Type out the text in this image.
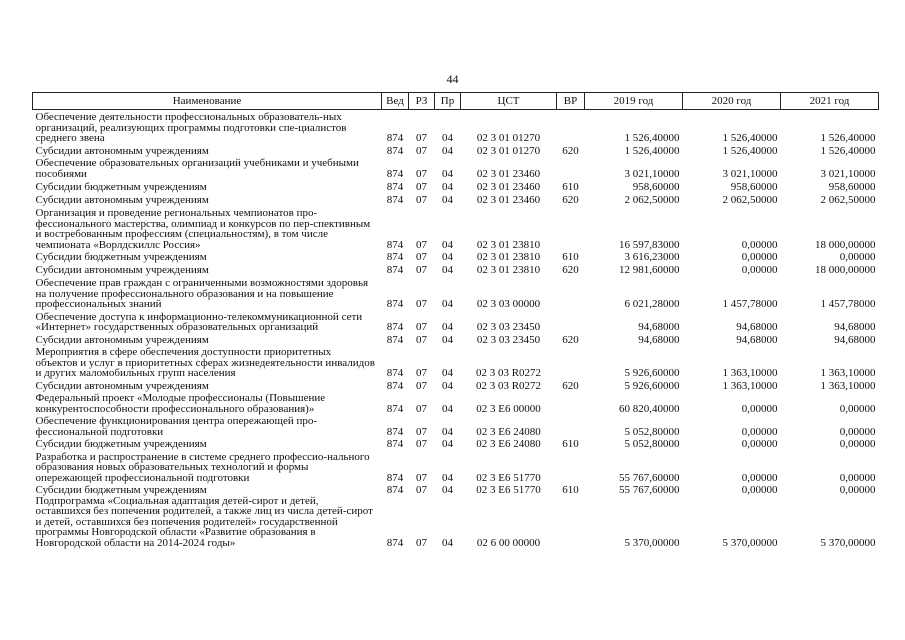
44
Наименование	Вед	РЗ	Пр	ЦСТ	ВР	2019 год	2020 год	2021 год
Обеспечение деятельности профессиональных образователь-ных организаций, реализующих программы подготовки спе-циалистов среднего звена	874	07	04	02 3 01 01270		1 526,40000	1 526,40000	1 526,40000
Субсидии автономным учреждениям	874	07	04	02 3 01 01270	620	1 526,40000	1 526,40000	1 526,40000
Обеспечение образовательных организаций учебниками и учебными пособиями	874	07	04	02 3 01 23460		3 021,10000	3 021,10000	3 021,10000
Субсидии бюджетным учреждениям	874	07	04	02 3 01 23460	610	958,60000	958,60000	958,60000
Субсидии автономным учреждениям	874	07	04	02 3 01 23460	620	2 062,50000	2 062,50000	2 062,50000
Организация и проведение региональных чемпионатов про-фессионального мастерства, олимпиад и конкурсов по пер-спективным и востребованным профессиям (специальностям), в том числе чемпионата «Ворлдскиллс Россия»	874	07	04	02 3 01 23810		16 597,83000	0,00000	18 000,00000
Субсидии бюджетным учреждениям	874	07	04	02 3 01 23810	610	3 616,23000	0,00000	0,00000
Субсидии автономным учреждениям	874	07	04	02 3 01 23810	620	12 981,60000	0,00000	18 000,00000
Обеспечение прав граждан с ограниченными возможностями здоровья на получение профессионального образования и на повышение профессиональных знаний	874	07	04	02 3 03 00000		6 021,28000	1 457,78000	1 457,78000
Обеспечение доступа к информационно-телекоммуникационной сети «Интернет» государственных образовательных организаций	874	07	04	02 3 03 23450		94,68000	94,68000	94,68000
Субсидии автономным учреждениям	874	07	04	02 3 03 23450	620	94,68000	94,68000	94,68000
Мероприятия в сфере обеспечения доступности приоритетных объектов и услуг в приоритетных сферах жизнедеятельности инвалидов и других маломобильных групп населения	874	07	04	02 3 03 R0272		5 926,60000	1 363,10000	1 363,10000
Субсидии автономным учреждениям	874	07	04	02 3 03 R0272	620	5 926,60000	1 363,10000	1 363,10000
Федеральный проект «Молодые профессионалы (Повышение конкурентоспособности профессионального образования)»	874	07	04	02 3 E6 00000		60 820,40000	0,00000	0,00000
Обеспечение функционирования центра опережающей про-фессиональной подготовки	874	07	04	02 3 E6 24080		5 052,80000	0,00000	0,00000
Субсидии бюджетным учреждениям	874	07	04	02 3 E6 24080	610	5 052,80000	0,00000	0,00000
Разработка и распространение в системе среднего профессио-нального образования новых образовательных технологий и формы опережающей профессиональной подготовки	874	07	04	02 3 E6 51770		55 767,60000	0,00000	0,00000
Субсидии бюджетным учреждениям	874	07	04	02 3 E6 51770	610	55 767,60000	0,00000	0,00000
Подпрограмма «Социальная адаптация детей-сирот и детей, оставшихся без попечения родителей, а также лиц из числа детей-сирот и детей, оставшихся без попечения родителей» государственной программы Новгородской области «Развитие образования в Новгородской области на 2014-2024 годы»	874	07	04	02 6 00 00000		5 370,00000	5 370,00000	5 370,00000
